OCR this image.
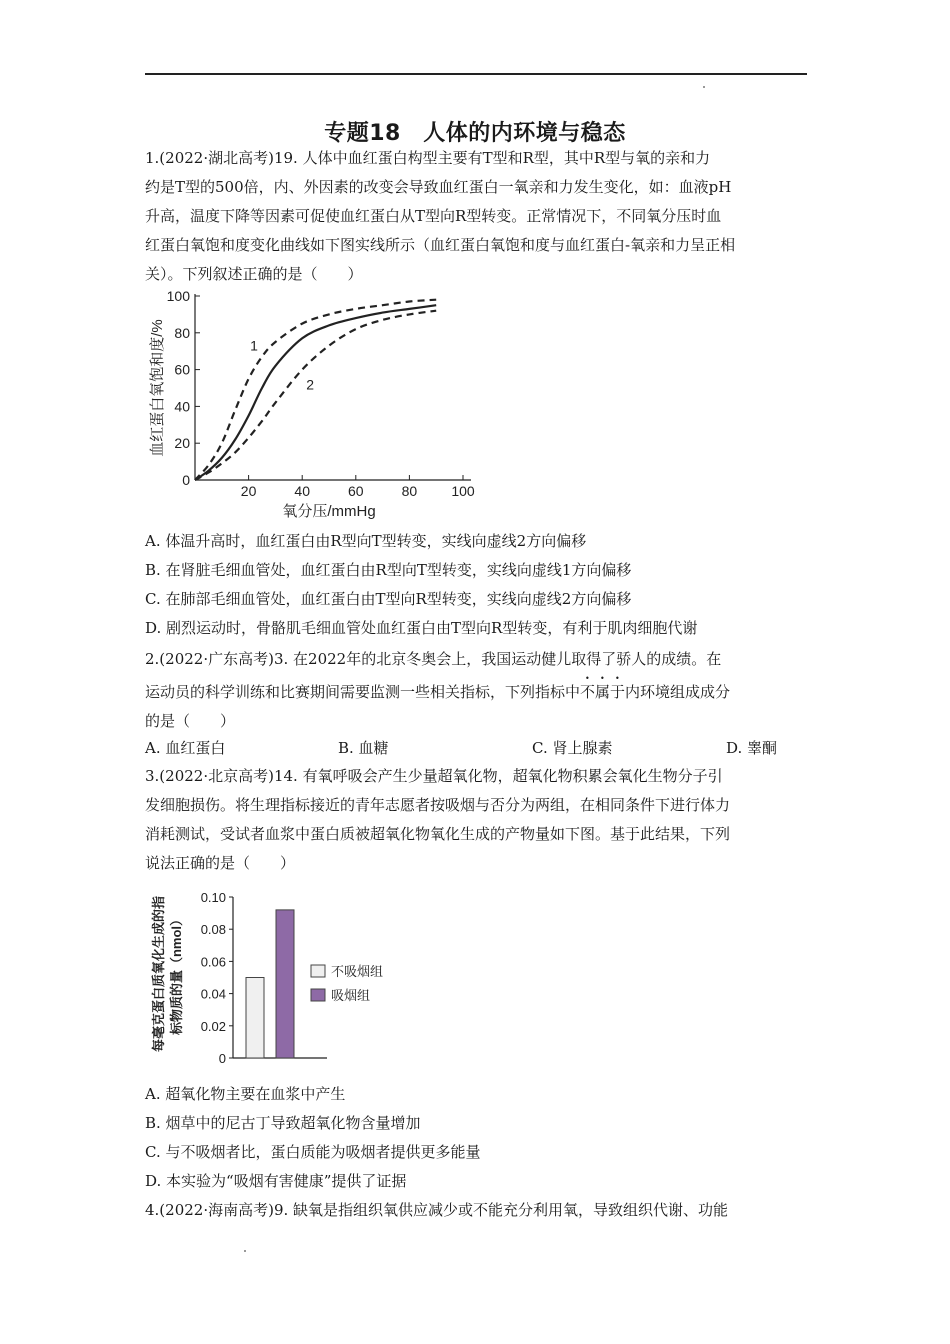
专题18　人体的内环境与稳态
1.(2022·湖北高考)19. 人体中血红蛋白构型主要有T型和R型，其中R型与氧的亲和力
约是T型的500倍，内、外因素的改变会导致血红蛋白一氧亲和力发生变化，如：血液pH
升高，温度下降等因素可促使血红蛋白从T型向R型转变。正常情况下，不同氧分压时血
红蛋白氧饱和度变化曲线如下图实线所示（血红蛋白氧饱和度与血红蛋白-氧亲和力呈正相
关）。下列叙述正确的是（　　）
0
20
40
60
80
100
20	40	60	80 100
氧分压/mmHg
血红蛋白氧饱和度/%	1
2
A. 体温升高时，血红蛋白由R型向T型转变，实线向虚线2方向偏移
B. 在肾脏毛细血管处，血红蛋白由R型向T型转变，实线向虚线1方向偏移
C. 在肺部毛细血管处，血红蛋白由T型向R型转变，实线向虚线2方向偏移
D. 剧烈运动时，骨骼肌毛细血管处血红蛋白由T型向R型转变，有利于肌肉细胞代谢
2.(2022·广东高考)3. 在2022年的北京冬奥会上，我国运动健儿取得了骄人的成绩。在
运动员的科学训练和比赛期间需要监测一些相关指标，下列指标中不属于内环境组成成分
的是（　　）
A. 血红蛋白	B. 血糖	C. 肾上腺素	D. 睾酮
3.(2022·北京高考)14. 有氧呼吸会产生少量超氧化物，超氧化物积累会氧化生物分子引
发细胞损伤。将生理指标接近的青年志愿者按吸烟与否分为两组，在相同条件下进行体力
消耗测试，受试者血浆中蛋白质被超氧化物氧化生成的产物量如下图。基于此结果，下列
说法正确的是（　　）
不吸烟组
吸烟组
0
0.02
0.04
0.06
0.08
0.10
每毫克蛋白质氧化生成的指 标物质的量（nmol）
A. 超氧化物主要在血浆中产生
B. 烟草中的尼古丁导致超氧化物含量增加
C. 与不吸烟者比，蛋白质能为吸烟者提供更多能量
D. 本实验为“吸烟有害健康”提供了证据
4.(2022·海南高考)9. 缺氧是指组织氧供应减少或不能充分利用氧，导致组织代谢、功能
